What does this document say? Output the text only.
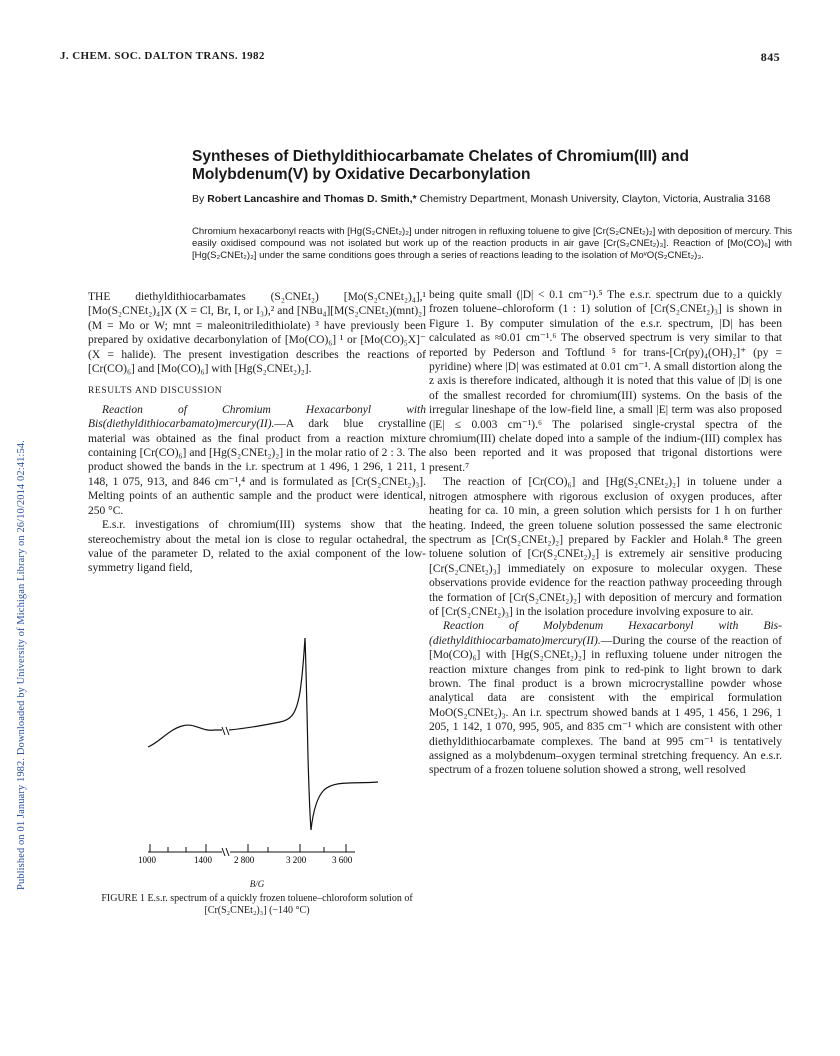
Published on 01 January 1982. Downloaded by University of Michigan Library on 26/10/2014 02:41:54.
J. CHEM. SOC. DALTON TRANS. 1982	845
Syntheses of Diethyldithiocarbamate Chelates of Chromium(III) and Molybdenum(V) by Oxidative Decarbonylation
By Robert Lancashire and Thomas D. Smith,* Chemistry Department, Monash University, Clayton, Victoria, Australia 3168
Chromium hexacarbonyl reacts with [Hg(S₂CNEt₂)₂] under nitrogen in refluxing toluene to give [Cr(S₂CNEt₂)₂] with deposition of mercury. This easily oxidised compound was not isolated but work up of the reaction products in air gave [Cr(S₂CNEt₂)₃]. Reaction of [Mo(CO)₆] with [Hg(S₂CNEt₂)₂] under the same conditions goes through a series of reactions leading to the isolation of MoᵛO(S₂CNEt₂)₃.

THE diethyldithiocarbamates (S₂CNEt₂) [Mo(S₂CNEt₂)₄],¹ [Mo(S₂CNEt₂)₄]X (X = Cl, Br, I, or I₃),² and [NBu₄][M(S₂CNEt₂)(mnt)₂] (M = Mo or W; mnt = maleonitriledithiolate) ³ have previously been prepared by oxidative decarbonylation of [Mo(CO)₆] ¹ or [Mo(CO)₅X]⁻ (X = halide). The present investigation describes the reactions of [Cr(CO)₆] and [Mo(CO)₆] with [Hg(S₂CNEt₂)₂].

RESULTS AND DISCUSSION

Reaction of Chromium Hexacarbonyl with Bis(diethyldithiocarbamato)mercury(II).—A dark blue crystalline material was obtained as the final product from a reaction mixture containing [Cr(CO)₆] and [Hg(S₂CNEt₂)₂] in the molar ratio of 2 : 3. The product showed the bands in the i.r. spectrum at 1 496, 1 296, 1 211, 1 148, 1 075, 913, and 846 cm⁻¹,⁴ and is formulated as [Cr(S₂CNEt₂)₃]. Melting points of an authentic sample and the product were identical, 250 °C.

E.s.r. investigations of chromium(III) systems show that the stereochemistry about the metal ion is close to regular octahedral, the value of the parameter D, related to the axial component of the low-symmetry ligand field,

1000	1400 2 800	3 200	3 600
B/G
FIGURE 1 E.s.r. spectrum of a quickly frozen toluene–chloroform solution of [Cr(S₂CNEt₂)₃] (−140 °C)

being quite small (|D| < 0.1 cm⁻¹).⁵ The e.s.r. spectrum due to a quickly frozen toluene–chloroform (1 : 1) solution of [Cr(S₂CNEt₂)₃] is shown in Figure 1. By computer simulation of the e.s.r. spectrum, |D| has been calculated as ≈0.01 cm⁻¹.⁶ The observed spectrum is very similar to that reported by Pederson and Toftlund ⁵ for trans-[Cr(py)₄(OH)₂]⁺ (py = pyridine) where |D| was estimated at 0.01 cm⁻¹. A small distortion along the z axis is therefore indicated, although it is noted that this value of |D| is one of the smallest recorded for chromium(III) systems. On the basis of the irregular lineshape of the low-field line, a small |E| term was also proposed (|E| ≤ 0.003 cm⁻¹).⁶ The polarised single-crystal spectra of the chromium(III) chelate doped into a sample of the indium-(III) complex has also been reported and it was proposed that trigonal distortions were present.⁷

The reaction of [Cr(CO)₆] and [Hg(S₂CNEt₂)₂] in toluene under a nitrogen atmosphere with rigorous exclusion of oxygen produces, after heating for ca. 10 min, a green solution which persists for 1 h on further heating. Indeed, the green toluene solution possessed the same electronic spectrum as [Cr(S₂CNEt₂)₂] prepared by Fackler and Holah.⁸ The green toluene solution of [Cr(S₂CNEt₂)₂] is extremely air sensitive producing [Cr(S₂CNEt₂)₃] immediately on exposure to molecular oxygen. These observations provide evidence for the reaction pathway proceeding through the formation of [Cr(S₂CNEt₂)₂] with deposition of mercury and formation of [Cr(S₂CNEt₂)₃] in the isolation procedure involving exposure to air.

Reaction of Molybdenum Hexacarbonyl with Bis-(diethyldithiocarbamato)mercury(II).—During the course of the reaction of [Mo(CO)₆] with [Hg(S₂CNEt₂)₂] in refluxing toluene under nitrogen the reaction mixture changes from pink to red-pink to light brown to dark brown. The final product is a brown microcrystalline powder whose analytical data are consistent with the empirical formulation MoO(S₂CNEt₂)₃. An i.r. spectrum showed bands at 1 495, 1 456, 1 296, 1 205, 1 142, 1 070, 995, 905, and 835 cm⁻¹ which are consistent with other diethyldithiocarbamate complexes. The band at 995 cm⁻¹ is tentatively assigned as a molybdenum–oxygen terminal stretching frequency. An e.s.r. spectrum of a frozen toluene solution showed a strong, well resolved
